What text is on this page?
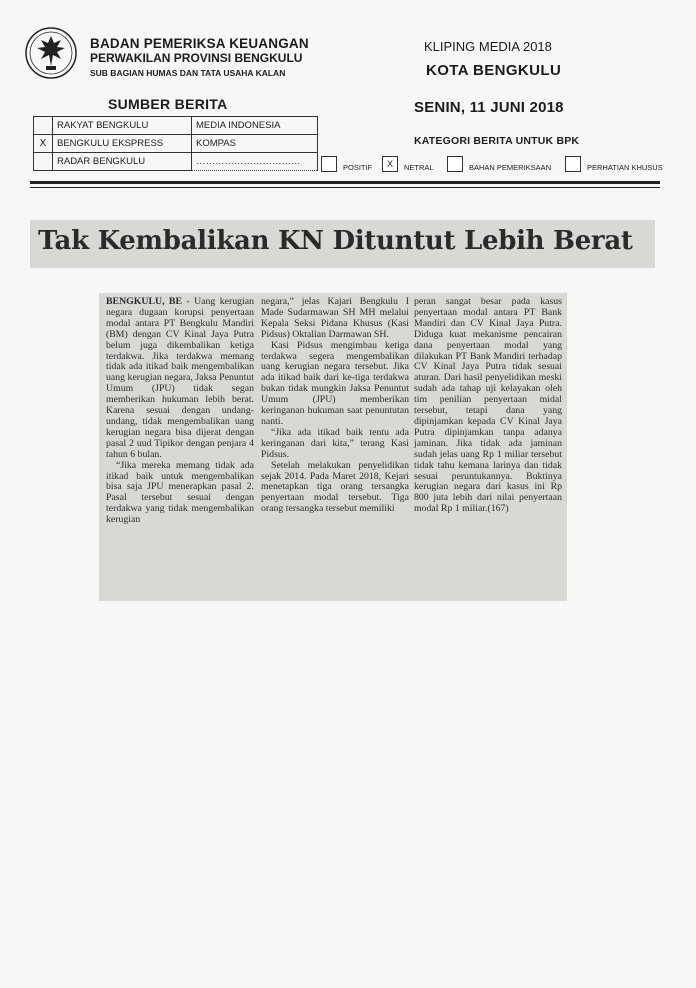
BADAN PEMERIKSA KEUANGAN
PERWAKILAN PROVINSI BENGKULU
SUB BAGIAN HUMAS DAN TATA USAHA KALAN
KLIPING MEDIA 2018
KOTA BENGKULU
SUMBER BERITA	SENIN, 11 JUNI 2018
KATEGORI BERITA UNTUK BPK
	RAKYAT BENGKULU	MEDIA INDONESIA
X	BENGKULU EKSPRESS	KOMPAS
	RADAR BENGKULU	……………………………
POSITIF	X	NETRAL	BAHAN PEMERIKSAAN	PERHATIAN KHUSUS
Tak Kembalikan KN Dituntut Lebih Berat

BENGKULU, BE - Uang kerugian negara dugaan korupsi penyertaan modal antara PT Bengkulu Mandiri (BM) dengan CV Kinal Jaya Putra belum juga dikembalikan ketiga terdakwa. Jika terdakwa memang tidak ada itikad baik mengembalikan uang kerugian negara, Jaksa Penuntut Umum (JPU) tidak segan memberikan hukuman lebih berat. Karena sesuai dengan undang-undang, tidak mengembalikan uang kerugian negara bisa dijerat dengan pasal 2 uud Tipikor dengan penjara 4 tahun 6 bulan.

“Jika mereka memang tidak ada itikad baik untuk mengembalikan bisa saja JPU menerapkan pasal 2. Pasal tersebut sesuai dengan terdakwa yang tidak mengembalikan kerugian

negara,” jelas Kajari Bengkulu I Made Sudarmawan SH MH melalui Kepala Seksi Pidana Khusus (Kasi Pidsus) Oktalian Darmawan SH.

Kasi Pidsus mengimbau ketiga terdakwa segera mengembalikan uang kerugian negara tersebut. Jika ada itikad baik dari ke-tiga terdakwa bukan tidak mungkin Jaksa Penuntut Umum (JPU) memberikan keringanan hukuman saat penuntutan nanti.

“Jika ada itikad baik tentu ada keringanan dari kita,” terang Kasi Pidsus.

Setelah melakukan penyelidikan sejak 2014. Pada Maret 2018, Kejari menetapkan tiga orang tersangka penyertaan modal tersebut. Tiga orang tersangka tersebut memiliki

peran sangat besar pada kasus penyertaan modal antara PT Bank Mandiri dan CV Kinal Jaya Putra. Diduga kuat mekanisme pencairan dana penyertaan modal yang dilakukan PT Bank Mandiri terhadap CV Kinal Jaya Putra tidak sesuai aturan. Dari hasil penyelidikan meski sudah ada tahap uji kelayakan oleh tim penilian penyertaan midal tersebut, tetapi dana yang dipinjamkan kepada CV Kinal Jaya Putra dipinjamkan tanpa adanya jaminan. Jika tidak ada jaminan sudah jelas uang Rp 1 miliar tersebut tidak tahu kemana larinya dan tidak sesuai peruntukannya. Buktinya kerugian negara dari kasus ini Rp 800 juta lebih dari nilai penyertaan modal Rp 1 miliar.(167)
